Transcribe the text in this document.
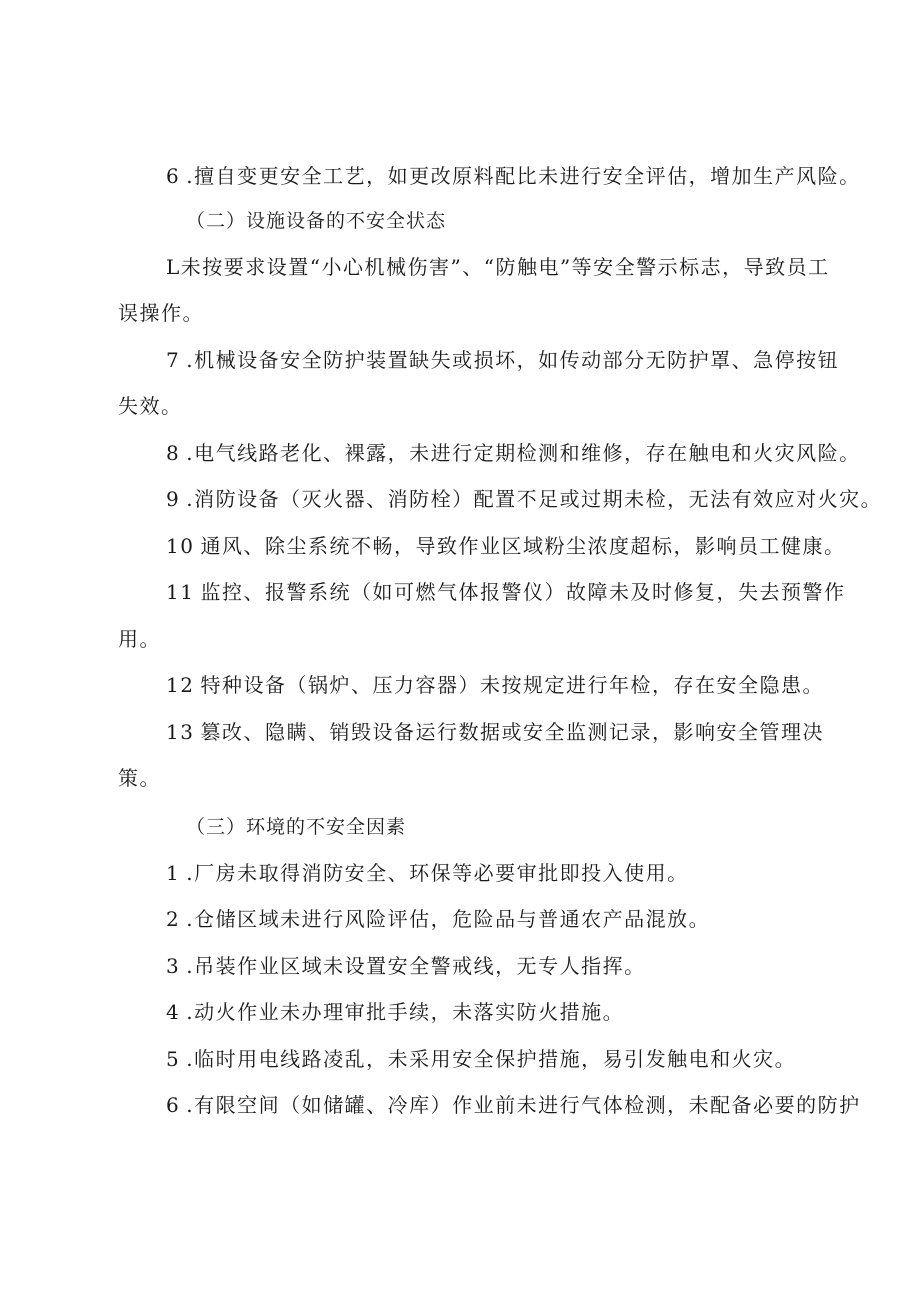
6 .擅自变更安全工艺，如更改原料配比未进行安全评估，增加生产风险。
（二）设施设备的不安全状态
L未按要求设置“小心机械伤害”、“防触电”等安全警示标志，导致员工
误操作。
7 .机械设备安全防护装置缺失或损坏，如传动部分无防护罩、急停按钮
失效。
8 .电气线路老化、裸露，未进行定期检测和维修，存在触电和火灾风险。
9 .消防设备（灭火器、消防栓）配置不足或过期未检，无法有效应对火灾。
10 通风、除尘系统不畅，导致作业区域粉尘浓度超标，影响员工健康。
11 监控、报警系统（如可燃气体报警仪）故障未及时修复，失去预警作
用。
12 特种设备（锅炉、压力容器）未按规定进行年检，存在安全隐患。
13 篡改、隐瞒、销毁设备运行数据或安全监测记录，影响安全管理决
策。
（三）环境的不安全因素
1 .厂房未取得消防安全、环保等必要审批即投入使用。
2 .仓储区域未进行风险评估，危险品与普通农产品混放。
3 .吊装作业区域未设置安全警戒线，无专人指挥。
4 .动火作业未办理审批手续，未落实防火措施。
5 .临时用电线路凌乱，未采用安全保护措施，易引发触电和火灾。
6 .有限空间（如储罐、冷库）作业前未进行气体检测，未配备必要的防护
